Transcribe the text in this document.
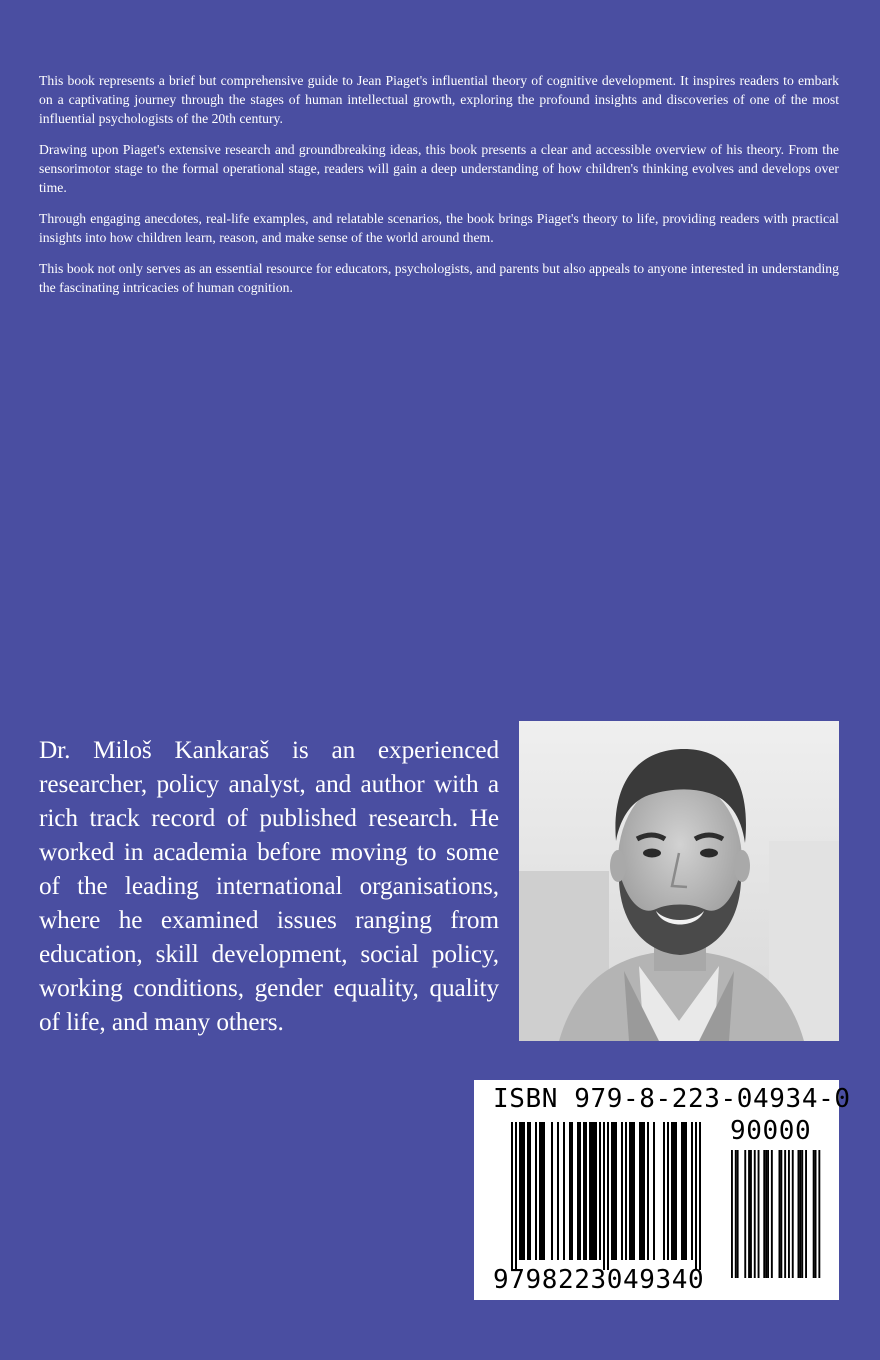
This book represents a brief but comprehensive guide to Jean Piaget's influential theory of cognitive development. It inspires readers to embark on a captivating journey through the stages of human intellectual growth, exploring the profound insights and discoveries of one of the most influential psychologists of the 20th century.

Drawing upon Piaget's extensive research and groundbreaking ideas, this book presents a clear and accessible overview of his theory. From the sensorimotor stage to the formal operational stage, readers will gain a deep understanding of how children's thinking evolves and develops over time.

Through engaging anecdotes, real-life examples, and relatable scenarios, the book brings Piaget's theory to life, providing readers with practical insights into how children learn, reason, and make sense of the world around them.

This book not only serves as an essential resource for educators, psychologists, and parents but also appeals to anyone interested in understanding the fascinating intricacies of human cognition.

Dr. Miloš Kankaraš is an experienced researcher, policy analyst, and author with a rich track record of published research. He worked in academia before moving to some of the leading international organisations, where he examined issues ranging from education, skill development, social policy, working conditions, gender equality, quality of life, and many others.
ISBN 979-8-223-04934-0
90000
9798223049340
